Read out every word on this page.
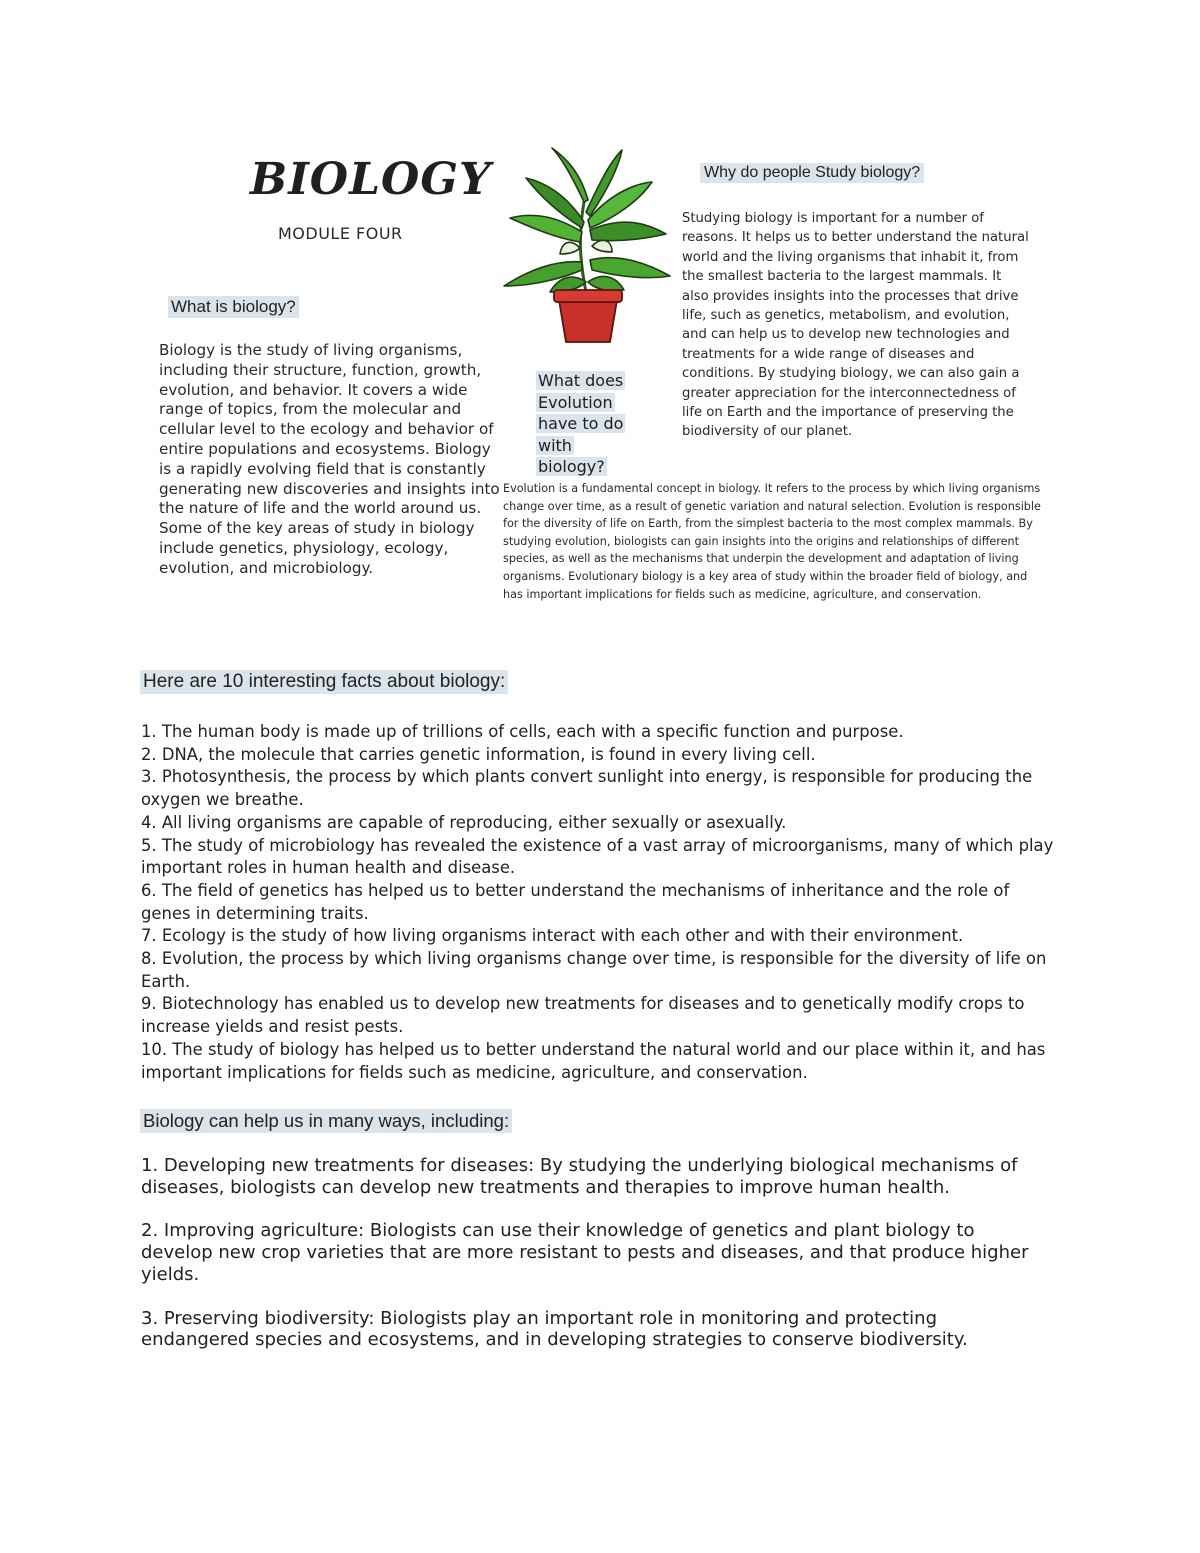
BIOLOGY
MODULE FOUR
What is biology?
Biology is the study of living organisms, including their structure, function, growth, evolution, and behavior. It covers a wide range of topics, from the molecular and cellular level to the ecology and behavior of entire populations and ecosystems. Biology is a rapidly evolving field that is constantly generating new discoveries and insights into the nature of life and the world around us. Some of the key areas of study in biology include genetics, physiology, ecology, evolution, and microbiology.
What does Evolution have to do with biology?
Why do people Study biology?
Studying biology is important for a number of reasons. It helps us to better understand the natural world and the living organisms that inhabit it, from the smallest bacteria to the largest mammals. It also provides insights into the processes that drive life, such as genetics, metabolism, and evolution, and can help us to develop new technologies and treatments for a wide range of diseases and conditions. By studying biology, we can also gain a greater appreciation for the interconnectedness of life on Earth and the importance of preserving the biodiversity of our planet.
Evolution is a fundamental concept in biology. It refers to the process by which living organisms change over time, as a result of genetic variation and natural selection. Evolution is responsible for the diversity of life on Earth, from the simplest bacteria to the most complex mammals. By studying evolution, biologists can gain insights into the origins and relationships of different species, as well as the mechanisms that underpin the development and adaptation of living organisms. Evolutionary biology is a key area of study within the broader field of biology, and has important implications for fields such as medicine, agriculture, and conservation.
Here are 10 interesting facts about biology:
1. The human body is made up of trillions of cells, each with a specific function and purpose.
2. DNA, the molecule that carries genetic information, is found in every living cell.
3. Photosynthesis, the process by which plants convert sunlight into energy, is responsible for producing the oxygen we breathe.
4. All living organisms are capable of reproducing, either sexually or asexually.
5. The study of microbiology has revealed the existence of a vast array of microorganisms, many of which play important roles in human health and disease.
6. The field of genetics has helped us to better understand the mechanisms of inheritance and the role of genes in determining traits.
7. Ecology is the study of how living organisms interact with each other and with their environment.
8. Evolution, the process by which living organisms change over time, is responsible for the diversity of life on Earth.
9. Biotechnology has enabled us to develop new treatments for diseases and to genetically modify crops to increase yields and resist pests.
10. The study of biology has helped us to better understand the natural world and our place within it, and has important implications for fields such as medicine, agriculture, and conservation.
Biology can help us in many ways, including:
1. Developing new treatments for diseases: By studying the underlying biological mechanisms of diseases, biologists can develop new treatments and therapies to improve human health.
2. Improving agriculture: Biologists can use their knowledge of genetics and plant biology to develop new crop varieties that are more resistant to pests and diseases, and that produce higher yields.
3. Preserving biodiversity: Biologists play an important role in monitoring and protecting endangered species and ecosystems, and in developing strategies to conserve biodiversity.
